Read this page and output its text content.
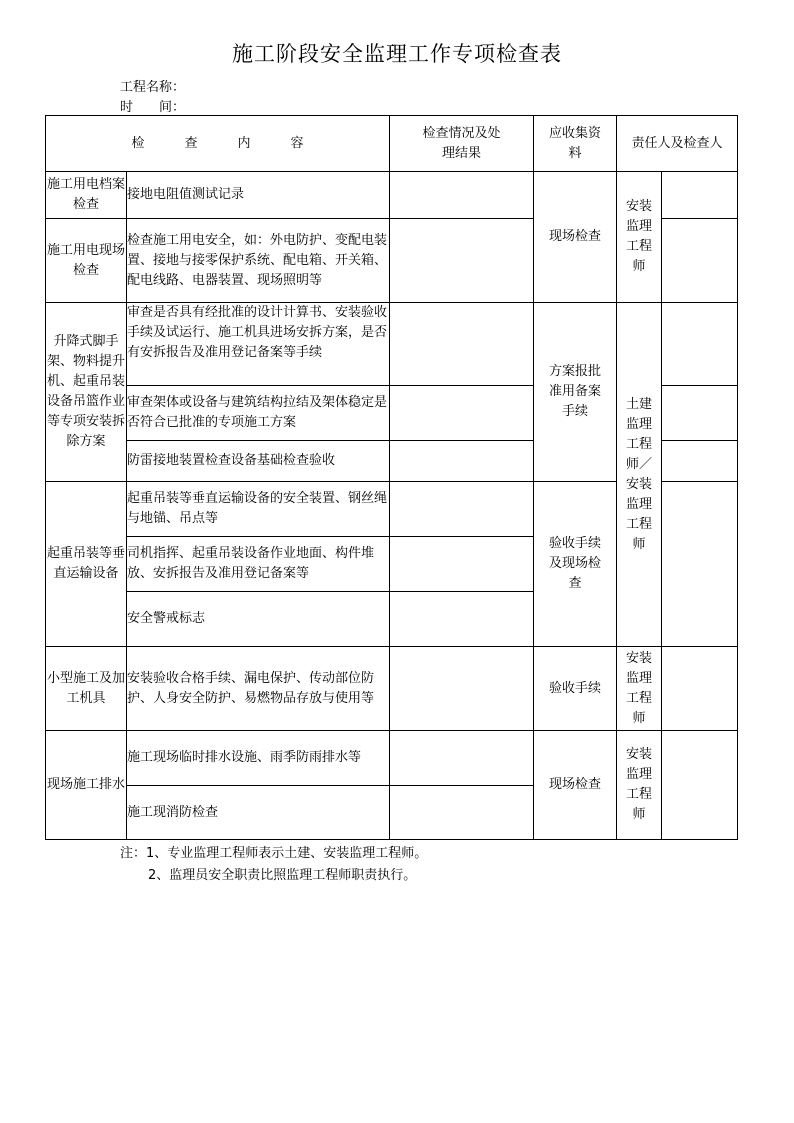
施工阶段安全监理工作专项检查表
工程名称：
时　　间：
检 查 内 容		检查情况及处理结果	应收集资料	责任人及检查人	
施工用电档案检查	接地电阻值测试记录		现场检查	安装监理工程师	

施工用电现场检查	检查施工用电安全，如：外电防护、变配电装置、接地与接零保护系统、配电箱、开关箱、配电线路、电器装置、现场照明等				
升降式脚手架、物料提升机、起重吊装设备吊篮作业等专项安装拆除方案	审查是否具有经批准的设计计算书、安装验收手续及试运行、施工机具进场安拆方案，是否有安拆报告及准用登记备案等手续		方案报批准用备案手续	土建监理工程师／安装监理工程师	

	审查架体或设备与建筑结构拉结及架体稳定是否符合已批准的专项施工方案				
	防雷接地装置检查设备基础检查验收				
起重吊装等垂直运输设备	起重吊装等垂直运输设备的安全装置、钢丝绳与地锚、吊点等		验收手续及现场检查		

	司机指挥、起重吊装设备作业地面、构件堆放、安拆报告及准用登记备案等				
	安全警戒标志				
小型施工及加工机具	安装验收合格手续、漏电保护、传动部位防护、人身安全防护、易燃物品存放与使用等		验收手续	安装监理工程师	

现场施工排水	施工现场临时排水设施、雨季防雨排水等		现场检查	安装监理工程师	

	施工现消防检查				
注：1、专业监理工程师表示土建、安装监理工程师。
2、监理员安全职责比照监理工程师职责执行。
